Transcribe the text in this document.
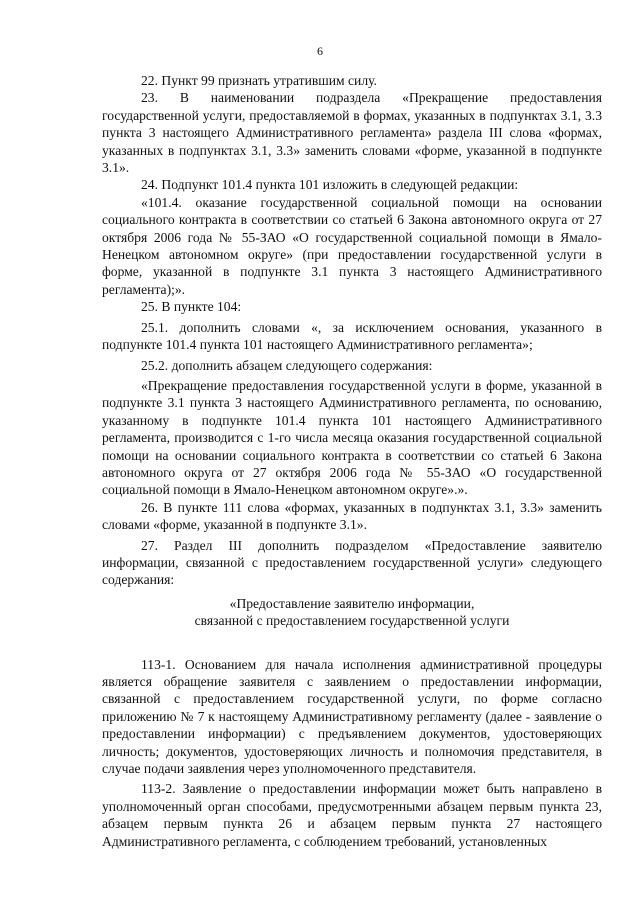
6

22. Пункт 99 признать утратившим силу.

23. В наименовании подраздела «Прекращение предоставления государственной услуги, предоставляемой в формах, указанных в подпунктах 3.1, 3.3 пункта 3 настоящего Административного регламента» раздела III слова «формах, указанных в подпунктах 3.1, 3.3» заменить словами «форме, указанной в подпункте 3.1».

24. Подпункт 101.4 пункта 101 изложить в следующей редакции:

«101.4. оказание государственной социальной помощи на основании социального контракта в соответствии со статьей 6 Закона автономного округа от 27 октября 2006 года № 55-ЗАО «О государственной социальной помощи в Ямало-Ненецком автономном округе» (при предоставлении государственной услуги в форме, указанной в подпункте 3.1 пункта 3 настоящего Административного регламента);».

25. В пункте 104:

25.1. дополнить словами «, за исключением основания, указанного в подпункте 101.4 пункта 101 настоящего Административного регламента»;

25.2. дополнить абзацем следующего содержания:

«Прекращение предоставления государственной услуги в форме, указанной в подпункте 3.1 пункта 3 настоящего Административного регламента, по основанию, указанному в подпункте 101.4 пункта 101 настоящего Административного регламента, производится с 1-го числа месяца оказания государственной социальной помощи на основании социального контракта в соответствии со статьей 6 Закона автономного округа от 27 октября 2006 года № 55-ЗАО «О государственной социальной помощи в Ямало-Ненецком автономном округе».».

26. В пункте 111 слова «формах, указанных в подпунктах 3.1, 3.3» заменить словами «форме, указанной в подпункте 3.1».

27. Раздел III дополнить подразделом «Предоставление заявителю информации, связанной с предоставлением государственной услуги» следующего содержания:

«Предоставление заявителю информации,

связанной с предоставлением государственной услуги

113-1. Основанием для начала исполнения административной процедуры является обращение заявителя с заявлением о предоставлении информации, связанной с предоставлением государственной услуги, по форме согласно приложению № 7 к настоящему Административному регламенту (далее - заявление о предоставлении информации) с предъявлением документов, удостоверяющих личность; документов, удостоверяющих личность и полномочия представителя, в случае подачи заявления через уполномоченного представителя.

113-2. Заявление о предоставлении информации может быть направлено в уполномоченный орган способами, предусмотренными абзацем первым пункта 23, абзацем первым пункта 26 и абзацем первым пункта 27 настоящего Административного регламента, с соблюдением требований, установленных
